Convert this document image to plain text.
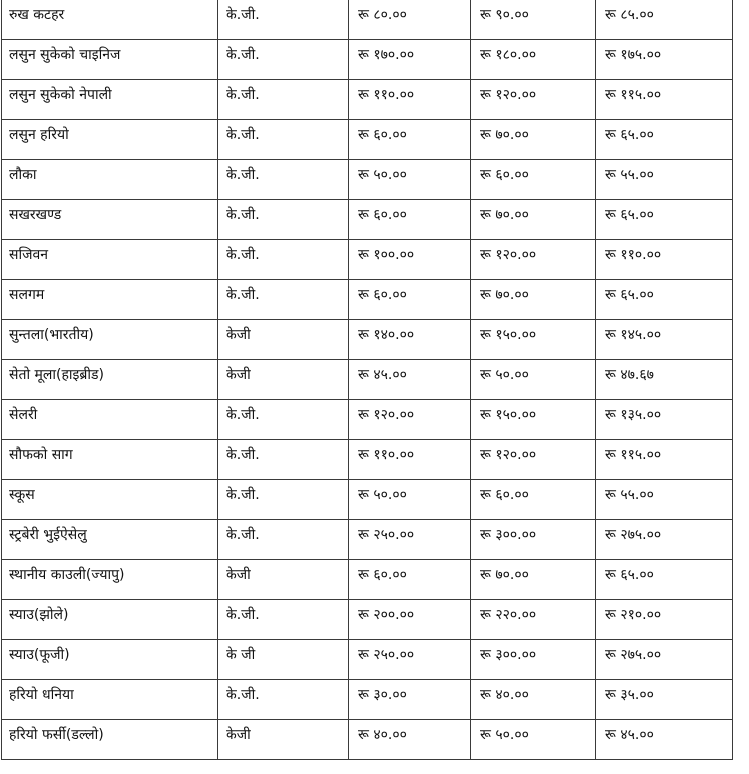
रुख कटहर	के.जी.	रू ८०.००	रू ९०.००	रू ८५.००

लसुन सुकेको चाइनिज	के.जी.	रू १७०.००	रू १८०.००	रू १७५.००

लसुन सुकेको नेपाली	के.जी.	रू ११०.००	रू १२०.००	रू ११५.००

लसुन हरियो	के.जी.	रू ६०.००	रू ७०.००	रू ६५.००

लौका	के.जी.	रू ५०.००	रू ६०.००	रू ५५.००

सखरखण्ड	के.जी.	रू ६०.००	रू ७०.००	रू ६५.००

सजिवन	के.जी.	रू १००.००	रू १२०.००	रू ११०.००

सलगम	के.जी.	रू ६०.००	रू ७०.००	रू ६५.००

सुन्तला(भारतीय)	केजी	रू १४०.००	रू १५०.००	रू १४५.००

सेतो मूला(हाइब्रीड)	केजी	रू ४५.००	रू ५०.००	रू ४७.६७

सेलरी	के.जी.	रू १२०.००	रू १५०.००	रू १३५.००

सौफको साग	के.जी.	रू ११०.००	रू १२०.००	रू ११५.००

स्कूस	के.जी.	रू ५०.००	रू ६०.००	रू ५५.००

स्ट्रबेरी भुईऐसेलु	के.जी.	रू २५०.००	रू ३००.००	रू २७५.००

स्थानीय काउली(ज्यापु)	केजी	रू ६०.००	रू ७०.००	रू ६५.००

स्याउ(झोले)	के.जी.	रू २००.००	रू २२०.००	रू २१०.००

स्याउ(फूजी)	के जी	रू २५०.००	रू ३००.००	रू २७५.००

हरियो धनिया	के.जी.	रू ३०.००	रू ४०.००	रू ३५.००

हरियो फर्सी(डल्लो)	केजी	रू ४०.००	रू ५०.००	रू ४५.००
